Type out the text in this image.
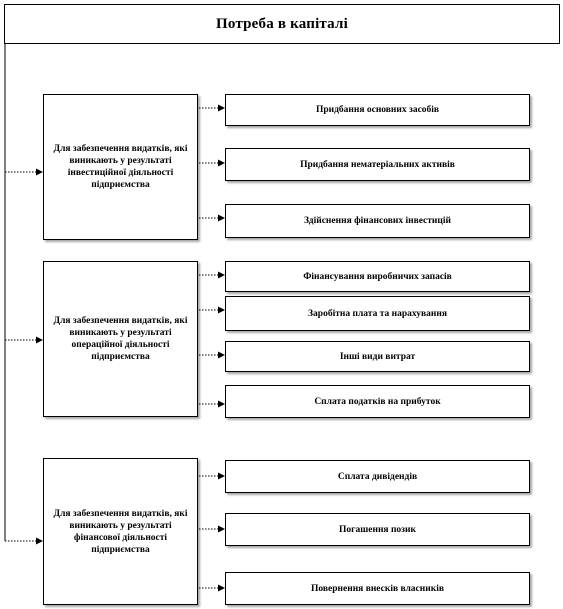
Потреба в капіталі
Для забезпечення видатків, які виникають у результаті інвестиційної діяльності підприємства
Придбання основних засобів
Придбання нематеріальних активів
Здійснення фінансових інвестицій
Для забезпечення видатків, які виникають у результаті операційної діяльності підприємства
Фінансування виробничих запасів
Заробітна плата та нарахування
Інші види витрат
Сплата податків на прибуток
Для забезпечення видатків, які виникають у результаті фінансової діяльності підприємства
Сплата дивідендів
Погашення позик
Повернення внесків власників
